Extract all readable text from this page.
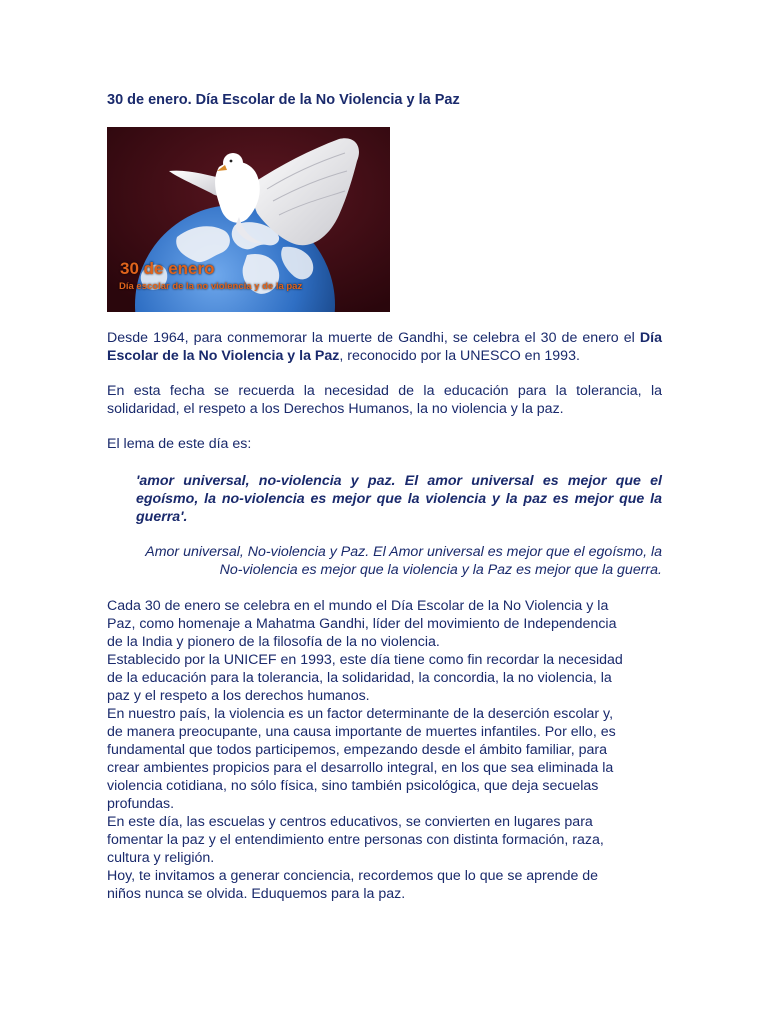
30 de enero. Día Escolar de la No Violencia y la Paz
30 de enero
Día escolar de la no violencia y de la paz
Desde 1964, para conmemorar la muerte de Gandhi, se celebra el 30 de enero el Día Escolar de la No Violencia y la Paz, reconocido por la UNESCO en 1993.
En esta fecha se recuerda la necesidad de la educación para la tolerancia, la solidaridad, el respeto a los Derechos Humanos, la no violencia y la paz.
El lema de este día es:
'amor universal, no-violencia y paz. El amor universal es mejor que el egoísmo, la no-violencia es mejor que la violencia y la paz es mejor que la guerra'.
Amor universal, No-violencia y Paz. El Amor universal es mejor que el egoísmo, la
No-violencia es mejor que la violencia y la Paz es mejor que la guerra.

Cada 30 de enero se celebra en el mundo el Día Escolar de la No Violencia y la

Paz, como homenaje a Mahatma Gandhi, líder del movimiento de Independencia

de la India y pionero de la filosofía de la no violencia.

Establecido por la UNICEF en 1993, este día tiene como fin recordar la necesidad

de la educación para la tolerancia, la solidaridad, la concordia, la no violencia, la

paz y el respeto a los derechos humanos.

En nuestro país, la violencia es un factor determinante de la deserción escolar y,

de manera preocupante, una causa importante de muertes infantiles. Por ello, es

fundamental que todos participemos, empezando desde el ámbito familiar, para

crear ambientes propicios para el desarrollo integral, en los que sea eliminada la

violencia cotidiana, no sólo física, sino también psicológica, que deja secuelas

profundas.

En este día, las escuelas y centros educativos, se convierten en lugares para

fomentar la paz y el entendimiento entre personas con distinta formación, raza,

cultura y religión.

Hoy, te invitamos a generar conciencia, recordemos que lo que se aprende de

niños nunca se olvida. Eduquemos para la paz.
